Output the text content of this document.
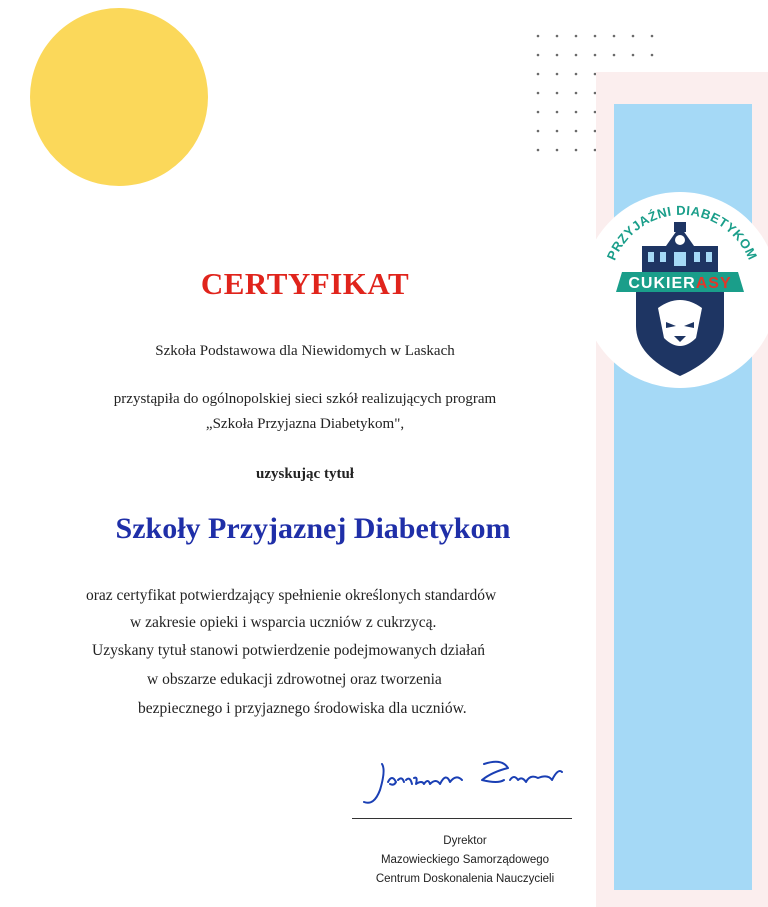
PRZYJAŹNI DIABETYKOM
CUKIERASY
CERTYFIKAT
Szkoła Podstawowa dla Niewidomych w Laskach
przystąpiła do ogólnopolskiej sieci szkół realizujących program
„Szkoła Przyjazna Diabetykom",
uzyskując tytuł
Szkoły Przyjaznej Diabetykom
oraz certyfikat potwierdzający spełnienie określonych standardów
w zakresie opieki i wsparcia uczniów z cukrzycą.
Uzyskany tytuł stanowi potwierdzenie podejmowanych działań
w obszarze edukacji zdrowotnej oraz tworzenia
bezpiecznego i przyjaznego środowiska dla uczniów.
Dyrektor
Mazowieckiego Samorządowego
Centrum Doskonalenia Nauczycieli
